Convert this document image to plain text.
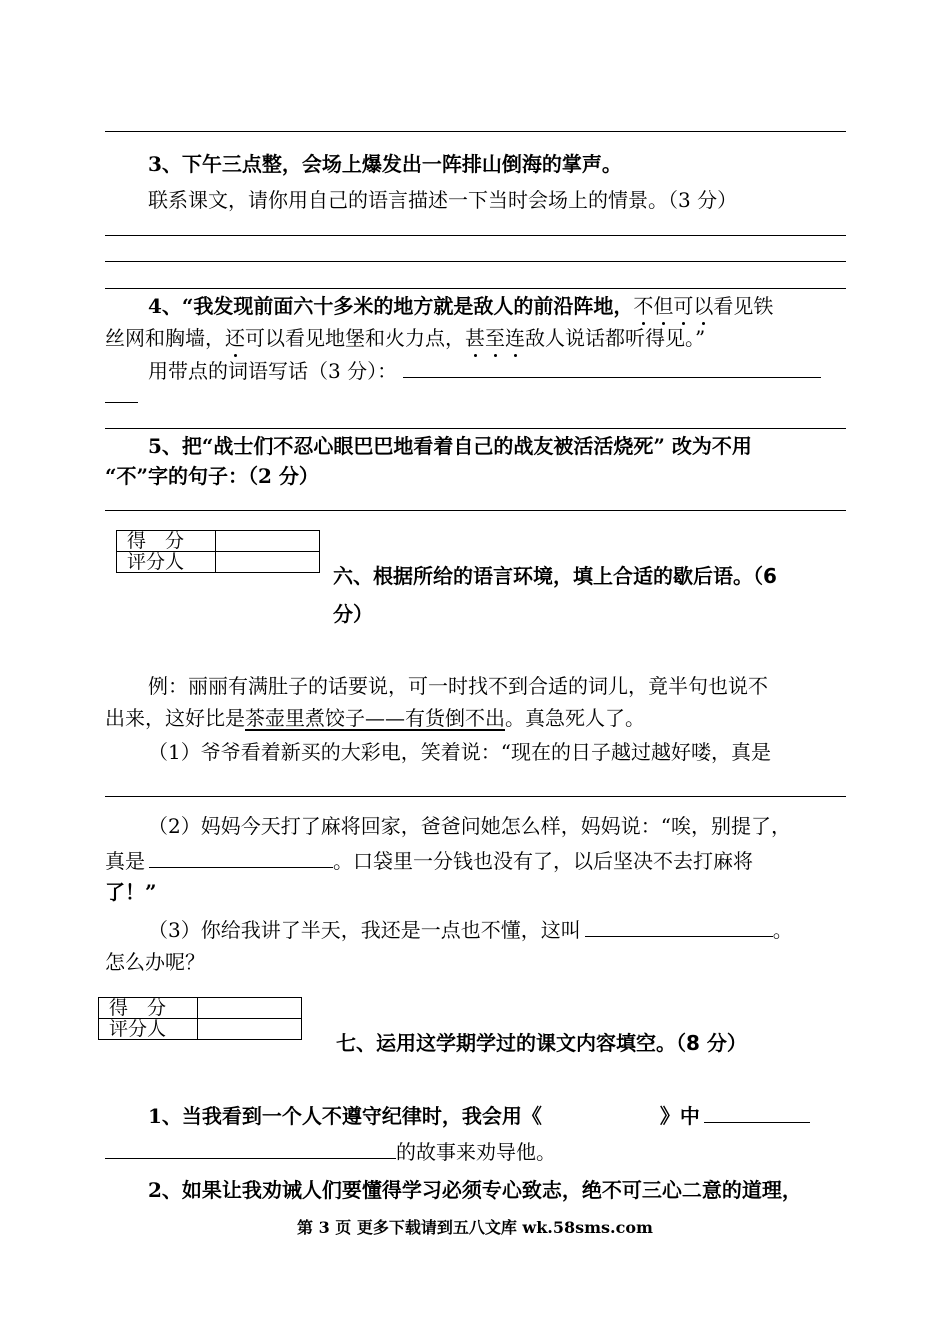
3、下午三点整，会场上爆发出一阵排山倒海的掌声。
联系课文，请你用自己的语言描述一下当时会场上的情景。（3 分）
4、“我发现前面六十多米的地方就是敌人的前沿阵地，不但可以看见铁
丝网和胸墙，还可以看见地堡和火力点，甚至连敌人说话都听得见。”
用带点的词语写话（3 分）：
5、把“战士们不忍心眼巴巴地看着自己的战友被活活烧死” 改为不用
“不”字的句子：（2 分）
得　分	
评分人	
六、根据所给的语言环境，填上合适的歇后语。（6
分）
例：丽丽有满肚子的话要说，可一时找不到合适的词儿，竟半句也说不
出来，这好比是茶壶里煮饺子——有货倒不出。真急死人了。
（1）爷爷看着新买的大彩电，笑着说：“现在的日子越过越好喽，真是
（2）妈妈今天打了麻将回家，爸爸问她怎么样，妈妈说：“唉，别提了，
真是	。口袋里一分钱也没有了，以后坚决不去打麻将
了！”
（3）你给我讲了半天，我还是一点也不懂，这叫	。
怎么办呢？
得　分	
评分人	
七、运用这学期学过的课文内容填空。（8 分）
1、当我看到一个人不遵守纪律时，我会用《	》中
的故事来劝导他。
2、如果让我劝诫人们要懂得学习必须专心致志，绝不可三心二意的道理，
第 3 页 更多下载请到五八文库 wk.58sms.com
